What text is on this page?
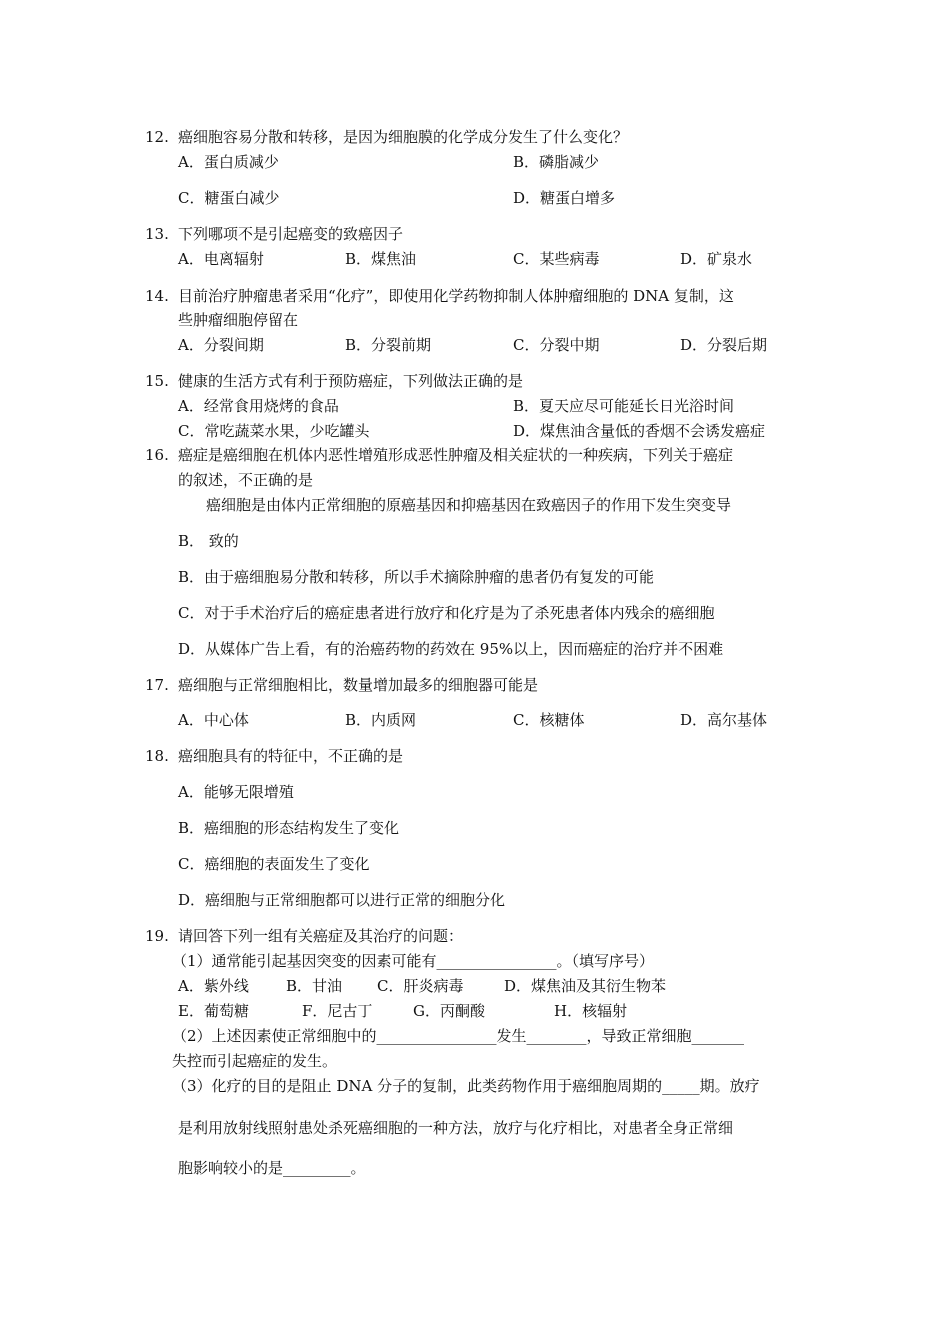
12. 癌细胞容易分散和转移，是因为细胞膜的化学成分发生了什么变化？
A．蛋白质减少	B．磷脂减少
C．糖蛋白减少	D．糖蛋白增多
13. 下列哪项不是引起癌变的致癌因子
A．电离辐射	B．煤焦油	C．某些病毒	D．矿泉水
14. 目前治疗肿瘤患者采用“化疗”，即使用化学药物抑制人体肿瘤细胞的 DNA 复制，这
些肿瘤细胞停留在
A．分裂间期	B．分裂前期	C．分裂中期	D．分裂后期
15. 健康的生活方式有利于预防癌症，下列做法正确的是
A．经常食用烧烤的食品	B．夏天应尽可能延长日光浴时间
C．常吃蔬菜水果，少吃罐头	D．煤焦油含量低的香烟不会诱发癌症
16. 癌症是癌细胞在机体内恶性增殖形成恶性肿瘤及相关症状的一种疾病，下列关于癌症
的叙述，不正确的是
癌细胞是由体内正常细胞的原癌基因和抑癌基因在致癌因子的作用下发生突变导
B． 致的
B．由于癌细胞易分散和转移，所以手术摘除肿瘤的患者仍有复发的可能
C．对于手术治疗后的癌症患者进行放疗和化疗是为了杀死患者体内残余的癌细胞
D．从媒体广告上看，有的治癌药物的药效在 95%以上，因而癌症的治疗并不困难
17. 癌细胞与正常细胞相比，数量增加最多的细胞器可能是
A．中心体	B．内质网	C．核糖体	D．高尔基体
18. 癌细胞具有的特征中，不正确的是
A．能够无限增殖
B．癌细胞的形态结构发生了变化
C．癌细胞的表面发生了变化
D．癌细胞与正常细胞都可以进行正常的细胞分化
19. 请回答下列一组有关癌症及其治疗的问题：
（1）通常能引起基因突变的因素可能有________________。（填写序号）
A．紫外线 B．甘油 C．肝炎病毒	D．煤焦油及其衍生物苯
E．葡萄糖	F．尼古丁	G．丙酮酸	H．核辐射
（2）上述因素使正常细胞中的________________发生________，导致正常细胞_______
失控而引起癌症的发生。
（3）化疗的目的是阻止 DNA 分子的复制，此类药物作用于癌细胞周期的_____期。放疗
是利用放射线照射患处杀死癌细胞的一种方法，放疗与化疗相比，对患者全身正常细
胞影响较小的是_________。
